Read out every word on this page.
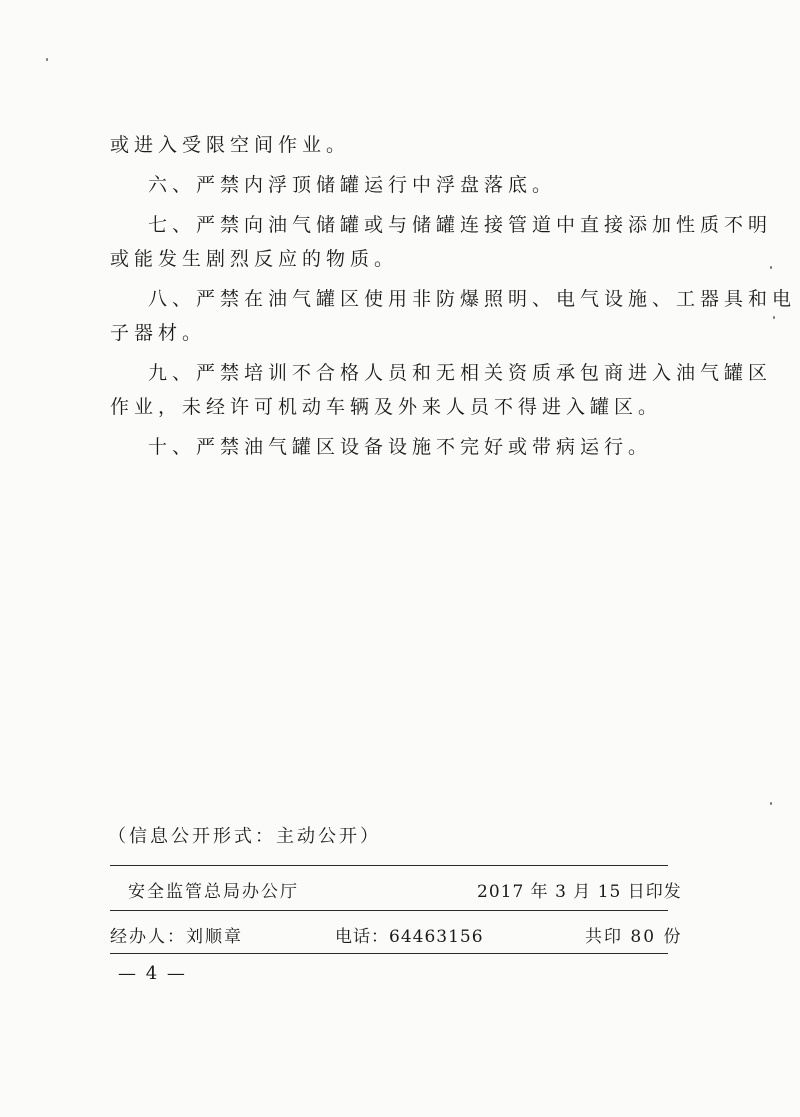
或进入受限空间作业。

六、严禁内浮顶储罐运行中浮盘落底。

七、严禁向油气储罐或与储罐连接管道中直接添加性质不明

或能发生剧烈反应的物质。

八、严禁在油气罐区使用非防爆照明、电气设施、工器具和电

子器材。

九、严禁培训不合格人员和无相关资质承包商进入油气罐区

作业，未经许可机动车辆及外来人员不得进入罐区。

十、严禁油气罐区设备设施不完好或带病运行。

（信息公开形式：主动公开）
安全监管总局办公厅	2017 年 3 月 15 日印发
经办人：刘顺章	电话：64463156	共印 80 份
— 4 —
